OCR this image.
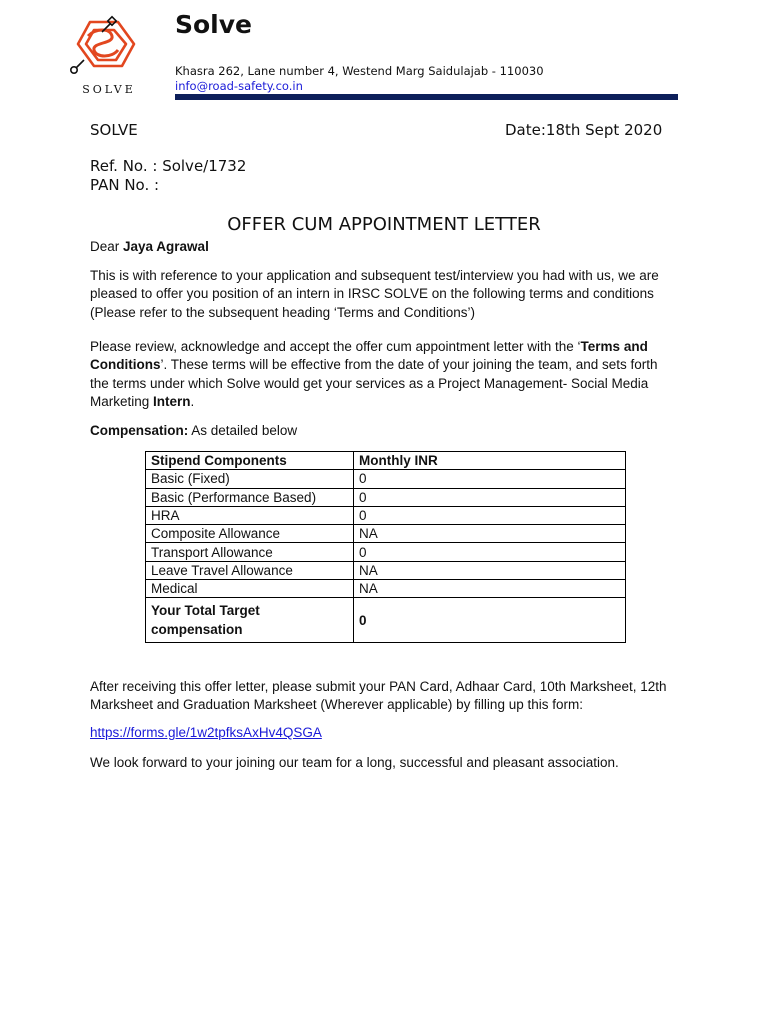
SOLVE
Solve
Khasra 262, Lane number 4, Westend Marg Saidulajab - 110030
info@road-safety.co.in
SOLVE	Date:18th Sept 2020
Ref. No. : Solve/1732
PAN No. :
OFFER CUM APPOINTMENT LETTER
Dear Jaya Agrawal
This is with reference to your application and subsequent test/interview you had with us, we are pleased to offer you position of an intern in IRSC SOLVE on the following terms and conditions (Please refer to the subsequent heading ‘Terms and Conditions’)
Please review, acknowledge and accept the offer cum appointment letter with the ‘Terms and Conditions’. These terms will be effective from the date of your joining the team, and sets forth the terms under which Solve would get your services as a Project Management- Social Media Marketing Intern.
Compensation: As detailed below
Stipend Components	Monthly INR
Basic (Fixed)	0
Basic (Performance Based)	0
HRA	0
Composite Allowance	NA
Transport Allowance	0
Leave Travel Allowance	NA
Medical	NA
Your Total Target compensation	0
After receiving this offer letter, please submit your PAN Card, Adhaar Card, 10th Marksheet, 12th Marksheet and Graduation Marksheet (Wherever applicable) by filling up this form:
https://forms.gle/1w2tpfksAxHv4QSGA
We look forward to your joining our team for a long, successful and pleasant association.
